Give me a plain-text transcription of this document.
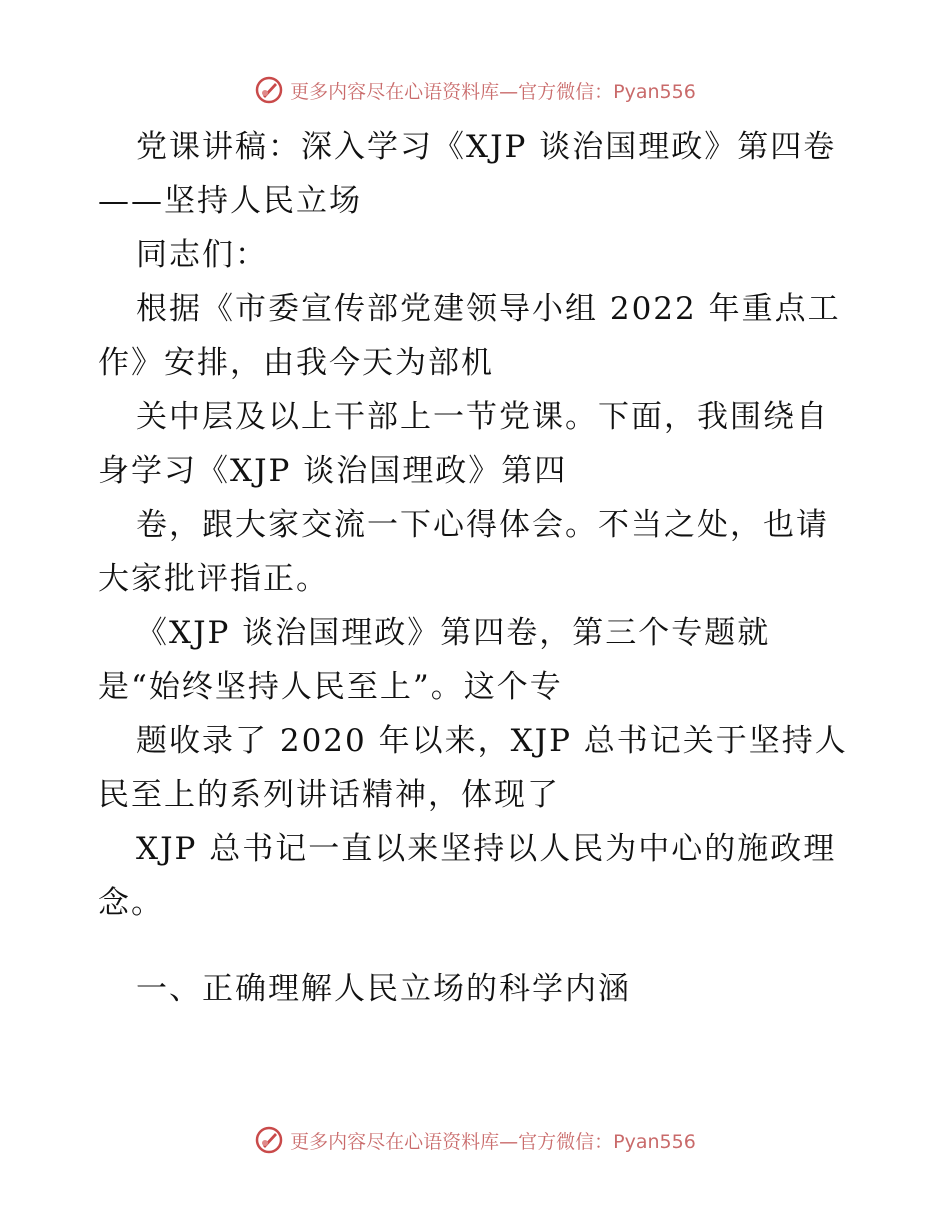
更多内容尽在心语资料库—官方微信：Pyan556
党课讲稿：深入学习《XJP 谈治国理政》第四卷
——坚持人民立场
同志们：
根据《市委宣传部党建领导小组 2022 年重点工
作》安排，由我今天为部机
关中层及以上干部上一节党课。下面，我围绕自
身学习《XJP 谈治国理政》第四
卷，跟大家交流一下心得体会。不当之处，也请
大家批评指正。
《XJP 谈治国理政》第四卷，第三个专题就
是“始终坚持人民至上”。这个专
题收录了 2020 年以来，XJP 总书记关于坚持人
民至上的系列讲话精神，体现了
XJP 总书记一直以来坚持以人民为中心的施政理
念。
一、正确理解人民立场的科学内涵
更多内容尽在心语资料库—官方微信：Pyan556
